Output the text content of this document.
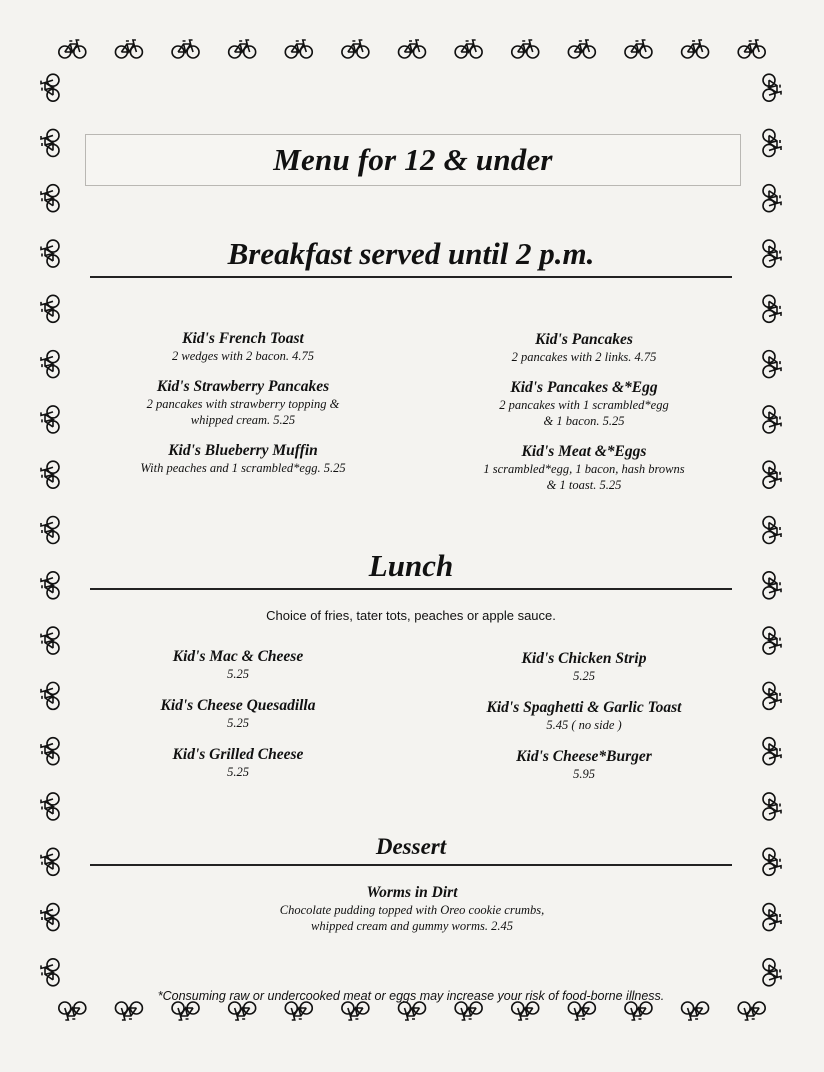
Menu for 12 & under
Breakfast served until 2 p.m.
Kid's French Toast
2 wedges with 2 bacon. 4.75
Kid's Strawberry Pancakes
2 pancakes with strawberry topping &
whipped cream. 5.25
Kid's Blueberry Muffin
With peaches and 1 scrambled*egg. 5.25
Kid's Pancakes
2 pancakes with 2 links. 4.75
Kid's Pancakes &*Egg
2 pancakes with 1 scrambled*egg
& 1 bacon. 5.25
Kid's Meat &*Eggs
1 scrambled*egg, 1 bacon, hash browns
& 1 toast. 5.25
Lunch
Choice of fries, tater tots, peaches or apple sauce.
Kid's Mac & Cheese
5.25
Kid's Cheese Quesadilla
5.25
Kid's Grilled Cheese
5.25
Kid's Chicken Strip
5.25
Kid's Spaghetti & Garlic Toast
5.45 ( no side )
Kid's Cheese*Burger
5.95
Dessert
Worms in Dirt
Chocolate pudding topped with Oreo cookie crumbs,
whipped cream and gummy worms. 2.45
*Consuming raw or undercooked meat or eggs may increase your risk of food-borne illness.
